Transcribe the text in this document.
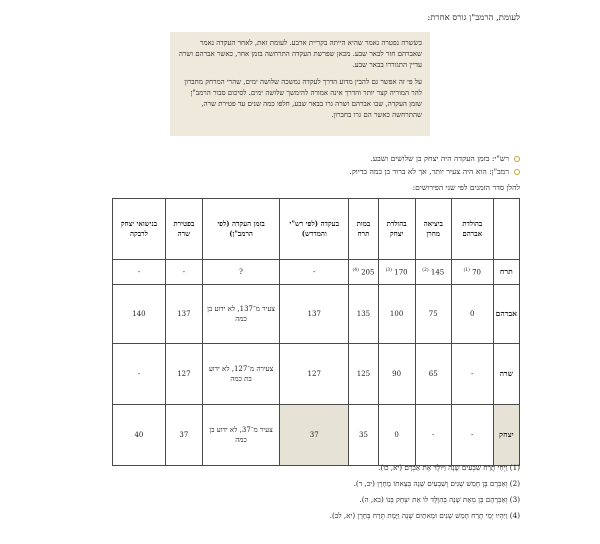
לעומת, הרמב"ן גורס אחרת:

כשׂשרה נפטרה נאמר שהיא הייתה בקריית ארבע. לעומת זאת, לאחר העקדה נאמר שאברהם חזר לבאר שבע. מכאן שפרשת העקדה התרחשה בזמן אחר, כאשר אברהם ושרה עדיין התגוררו בבאר שבע.

על פי זה אפשר גם להבין מדוע הדרך לעקדה נמשכה שלושה ימים, שהרי המרחק מחברון להר המוריה קצר יותר והדרך אינה אמורה להימשך שלושה ימים. לסיכום סבור הרמב"ן שזמן העקדה, שבו אברהם ושרה גרו בבאר שבע, חלפו כמה שנים עד פטירת שרה, שהתרחשה כאשר הם גרו בחברון.

רש"י: בזמן העקדה היה יצחק בן שלושים ושבע.
רמב"ן: הוא היה צעיר יותר, אך לא ברור בן כמה בדיוק.
להלן סדר הזמנים לפי שני הפירושים:
	בהולדת אברהם	ביציאה מחרן	בהולדת יצחק	במות תרח	בעקדה (לפי רש"י והמדרש)	בזמן העקדה (לפי הרמב"ן)	בפטירת שרה	בנישואי יצחק לרבקה
תרח	70 $^{(1)}$	145 $^{(2)}$	170 $^{(3)}$	205 $^{(4)}$	-	?	-	-
אברהם	0	75	100	135	137	צעיר מ־137, לא ידוע בן כמה	137	140
שרה	-	65	90	125	127	צעירה מ־127, לא ידוע בת כמה	127	-
יצחק	-	-	0	35	37	צעיר מ־37, לא ידוע בן כמה	37	40
(1) וַיְחִי תֶרַח שִׁבְעִים שָׁנָה וַיּוֹלֶד אֶת אַבְרָם (יא, כו).
(2) וְאַבְרָם בֶּן חָמֵשׁ שָׁנִים וְשִׁבְעִים שָׁנָה בְּצֵאתוֹ מֵחָרָן (יב, ד).
(3) וְאַבְרָהָם בֶּן מְאַת שָׁנָה בְּהִוָּלֶד לוֹ אֵת יִצְחָק בְּנוֹ (כא, ה).
(4) וַיִּהְיוּ יְמֵי תֶרַח חָמֵשׁ שָׁנִים וּמָאתַיִם שָׁנָה וַיָּמָת תֶּרַח בְּחָרָן (יא, לב).
